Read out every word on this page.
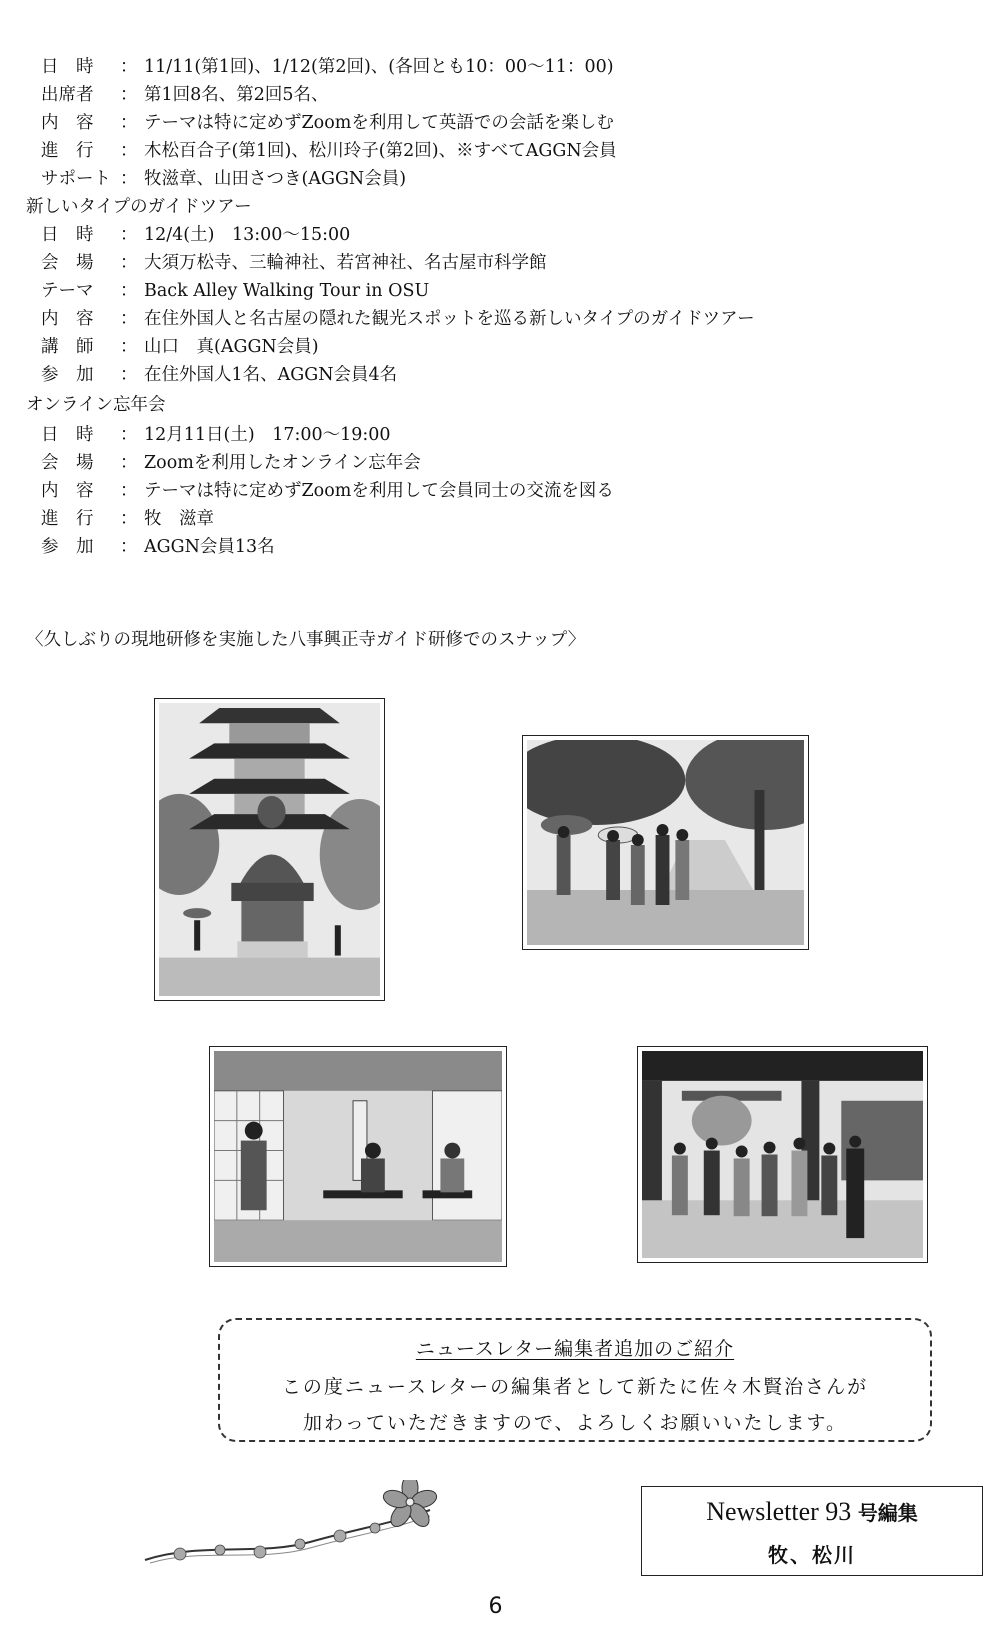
日　時 ： 11/11(第1回)、1/12(第2回)、(各回とも10：00～11：00)
出席者 ： 第1回8名、第2回5名、
内　容 ： テーマは特に定めずZoomを利用して英語での会話を楽しむ
進　行 ： 木松百合子(第1回)、松川玲子(第2回)、※すべてAGGN会員
サポート ： 牧滋章、山田さつき(AGGN会員)
新しいタイプのガイドツアー
日　時 ： 12/4(土)　13:00～15:00
会　場 ： 大須万松寺、三輪神社、若宮神社、名古屋市科学館
テーマ ： Back Alley Walking Tour in OSU
内　容 ： 在住外国人と名古屋の隠れた観光スポットを巡る新しいタイプのガイドツアー
講　師 ： 山口　真(AGGN会員)
参　加 ： 在住外国人1名、AGGN会員4名
オンライン忘年会
日　時 ： 12月11日(土)　17:00～19:00
会　場 ： Zoomを利用したオンライン忘年会
内　容 ： テーマは特に定めずZoomを利用して会員同士の交流を図る
進　行 ： 牧　滋章
参　加 ： AGGN会員13名
〈久しぶりの現地研修を実施した八事興正寺ガイド研修でのスナップ〉
ニュースレター編集者追加のご紹介
この度ニュースレターの編集者として新たに佐々木賢治さんが
加わっていただきますので、よろしくお願いいたします。
Newsletter 93 号編集
牧、松川
6
